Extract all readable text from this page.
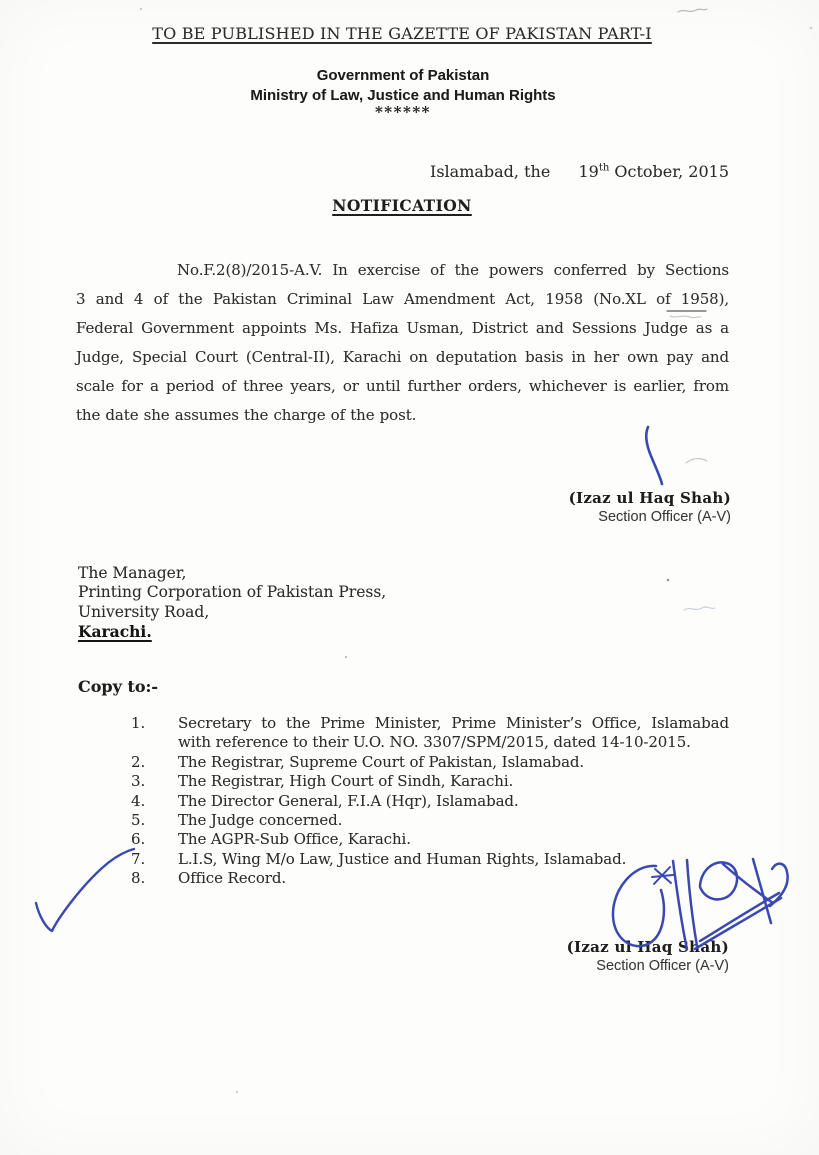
TO BE PUBLISHED IN THE GAZETTE OF PAKISTAN PART-I
Government of Pakistan
Ministry of Law, Justice and Human Rights
******
Islamabad, the 19th October, 2015
NOTIFICATION
No.F.2(8)/2015-A.V. In exercise of the powers conferred by Sections
3 and 4 of the Pakistan Criminal Law Amendment Act, 1958 (No.XL of 1958),
Federal Government appoints Ms. Hafiza Usman, District and Sessions Judge as a
Judge, Special Court (Central-II), Karachi on deputation basis in her own pay and
scale for a period of three years, or until further orders, whichever is earlier, from
the date she assumes the charge of the post.
(Izaz ul Haq Shah)
Section Officer (A-V)
The Manager,
Printing Corporation of Pakistan Press,
University Road,
Karachi.
Copy to:-
1.	Secretary to the Prime Minister, Prime Minister’s Office, Islamabad
with reference to their U.O. NO. 3307/SPM/2015, dated 14-10-2015.
2.	The Registrar, Supreme Court of Pakistan, Islamabad.
3.	The Registrar, High Court of Sindh, Karachi.
4.	The Director General, F.I.A (Hqr), Islamabad.
5.	The Judge concerned.
6.	The AGPR-Sub Office, Karachi.
7.	L.I.S, Wing M/o Law, Justice and Human Rights, Islamabad.
8.	Office Record.
(Izaz ul Haq Shah)
Section Officer (A-V)
